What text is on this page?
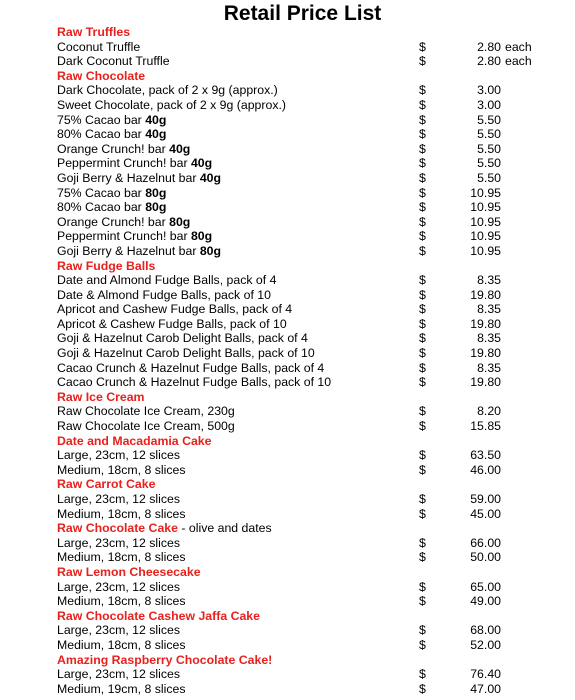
Retail Price List
Raw Truffles
Coconut Truffle	$	2.80 each
Dark Coconut Truffle	$	2.80 each
Raw Chocolate
Dark Chocolate, pack of 2 x 9g (approx.)	$	3.00
Sweet Chocolate, pack of 2 x 9g (approx.)	$	3.00
75% Cacao bar 40g	$	5.50
80% Cacao bar 40g	$	5.50
Orange Crunch! bar 40g	$	5.50
Peppermint Crunch! bar 40g	$	5.50
Goji Berry & Hazelnut bar 40g	$	5.50
75% Cacao bar 80g	$	10.95
80% Cacao bar 80g	$	10.95
Orange Crunch! bar 80g	$	10.95
Peppermint Crunch! bar 80g	$	10.95
Goji Berry & Hazelnut bar 80g	$	10.95
Raw Fudge Balls
Date and Almond Fudge Balls, pack of 4	$	8.35
Date & Almond Fudge Balls, pack of 10	$	19.80
Apricot and Cashew Fudge Balls, pack of 4	$	8.35
Apricot & Cashew Fudge Balls, pack of 10	$	19.80
Goji & Hazelnut Carob Delight Balls, pack of 4	$	8.35
Goji & Hazelnut Carob Delight Balls, pack of 10	$	19.80
Cacao Crunch & Hazelnut Fudge Balls, pack of 4	$	8.35
Cacao Crunch & Hazelnut Fudge Balls, pack of 10	$	19.80
Raw Ice Cream
Raw Chocolate Ice Cream, 230g	$	8.20
Raw Chocolate Ice Cream, 500g	$	15.85
Date and Macadamia Cake
Large, 23cm, 12 slices	$	63.50
Medium, 18cm, 8 slices	$	46.00
Raw Carrot Cake
Large, 23cm, 12 slices	$	59.00
Medium, 18cm, 8 slices	$	45.00
Raw Chocolate Cake - olive and dates
Large, 23cm, 12 slices	$	66.00
Medium, 18cm, 8 slices	$	50.00
Raw Lemon Cheesecake
Large, 23cm, 12 slices	$	65.00
Medium, 18cm, 8 slices	$	49.00
Raw Chocolate Cashew Jaffa Cake
Large, 23cm, 12 slices	$	68.00
Medium, 18cm, 8 slices	$	52.00
Amazing Raspberry Chocolate Cake!
Large, 23cm, 12 slices	$	76.40
Medium, 19cm, 8 slices	$	47.00
